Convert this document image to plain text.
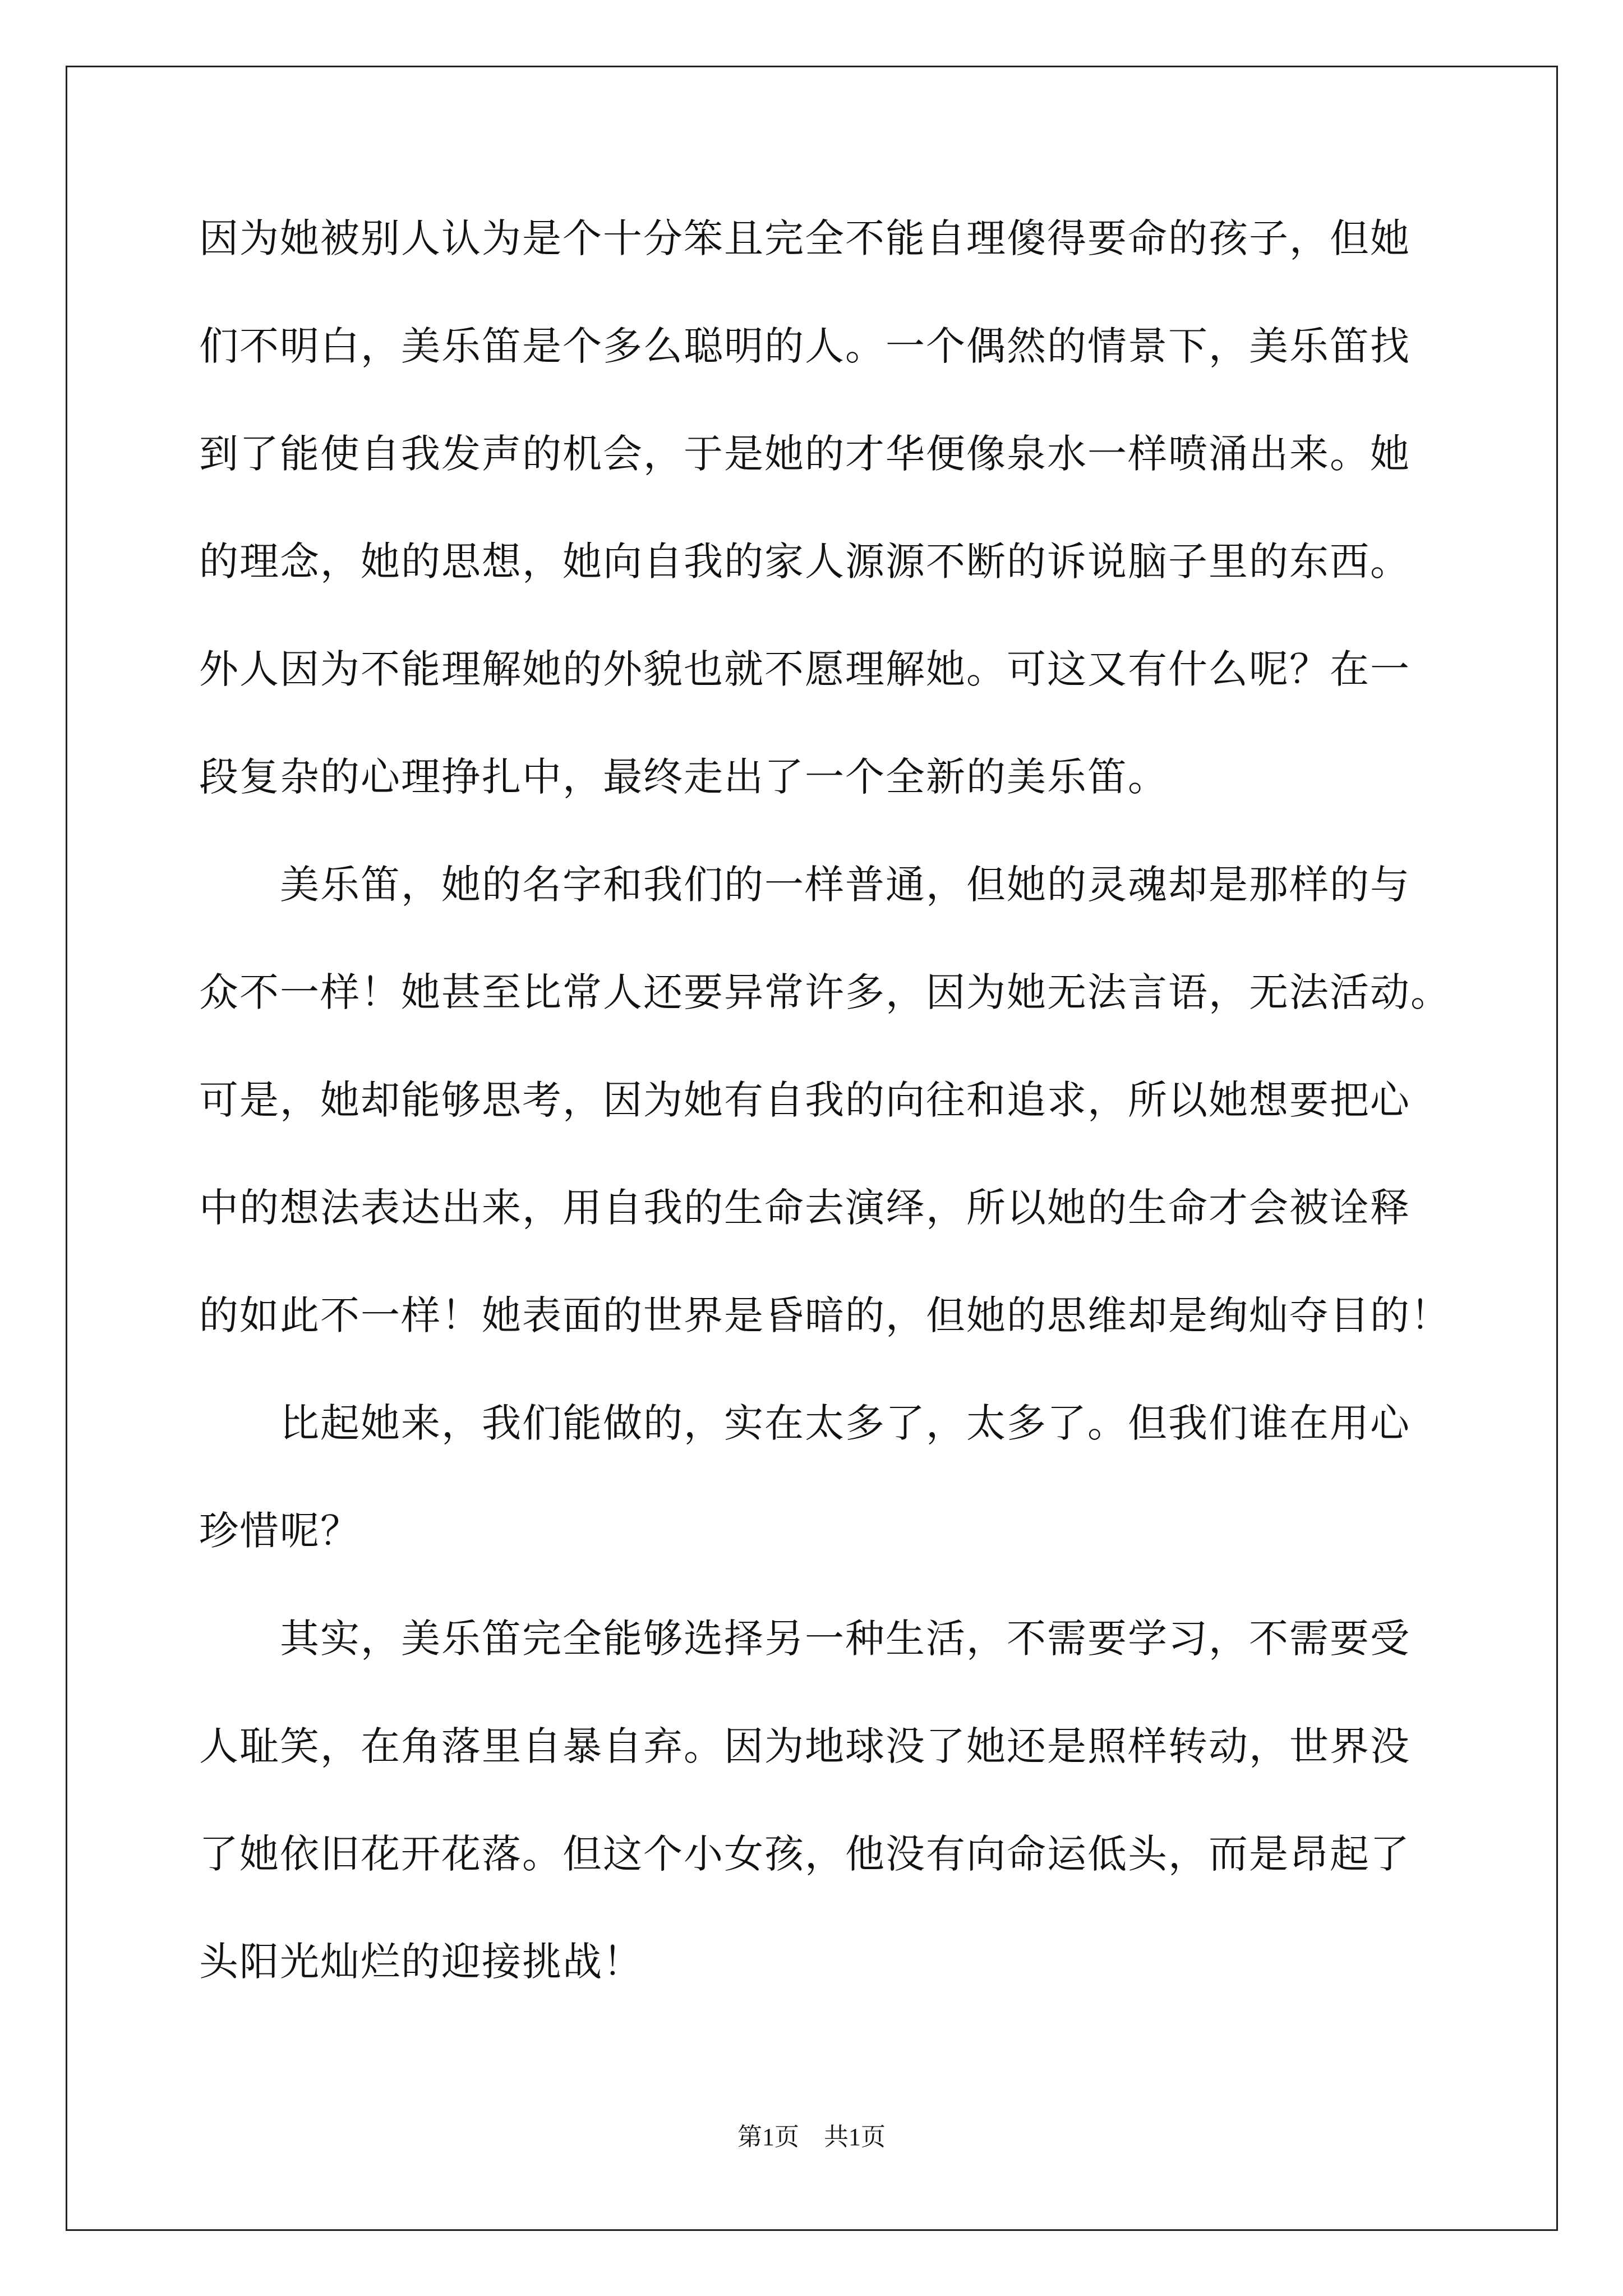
因为她被别人认为是个十分笨且完全不能自理傻得要命的孩子，但她
们不明白，美乐笛是个多么聪明的人。一个偶然的情景下，美乐笛找
到了能使自我发声的机会，于是她的才华便像泉水一样喷涌出来。她
的理念，她的思想，她向自我的家人源源不断的诉说脑子里的东西。
外人因为不能理解她的外貌也就不愿理解她。可这又有什么呢？在一
段复杂的心理挣扎中，最终走出了一个全新的美乐笛。
　　美乐笛，她的名字和我们的一样普通，但她的灵魂却是那样的与
众不一样！她甚至比常人还要异常许多，因为她无法言语，无法活动。
可是，她却能够思考，因为她有自我的向往和追求，所以她想要把心
中的想法表达出来，用自我的生命去演绎，所以她的生命才会被诠释
的如此不一样！她表面的世界是昏暗的，但她的思维却是绚灿夺目的！
　　比起她来，我们能做的，实在太多了，太多了。但我们谁在用心
珍惜呢？
　　其实，美乐笛完全能够选择另一种生活，不需要学习，不需要受
人耻笑，在角落里自暴自弃。因为地球没了她还是照样转动，世界没
了她依旧花开花落。但这个小女孩，他没有向命运低头，而是昂起了
头阳光灿烂的迎接挑战！
第1页　共1页
